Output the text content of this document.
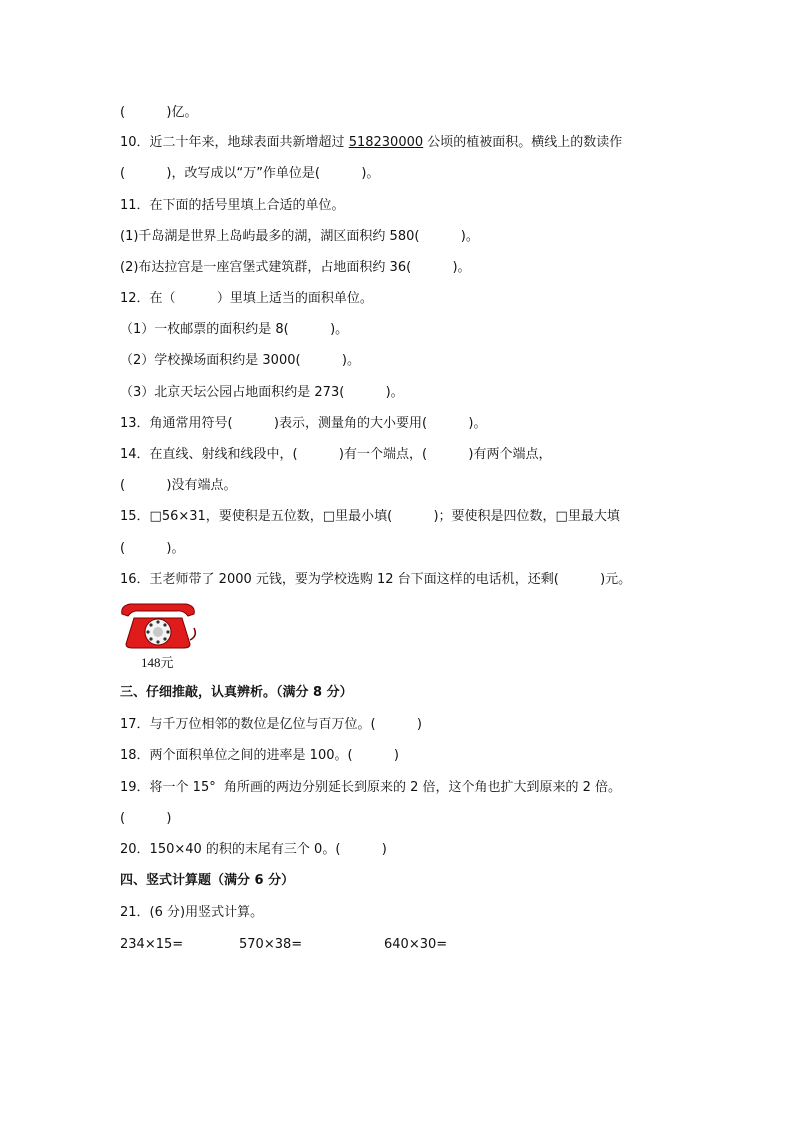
(          )亿。
10．近二十年来，地球表面共新增超过 518230000 公顷的植被面积。横线上的数读作
(          )，改写成以“万”作单位是(          )。
11．在下面的括号里填上合适的单位。
(1)千岛湖是世界上岛屿最多的湖，湖区面积约 580(          )。
(2)布达拉宫是一座宫堡式建筑群，占地面积约 36(          )。
12．在（          ）里填上适当的面积单位。
（1）一枚邮票的面积约是 8(          )。
（2）学校操场面积约是 3000(          )。
（3）北京天坛公园占地面积约是 273(          )。
13．角通常用符号(          )表示，测量角的大小要用(          )。
14．在直线、射线和线段中，(          )有一个端点，(          )有两个端点，
(          )没有端点。
15．□56×31，要使积是五位数，□里最小填(          )；要使积是四位数，□里最大填
(          )。
16．王老师带了 2000 元钱，要为学校选购 12 台下面这样的电话机，还剩(          )元。
148元
三、仔细推敲，认真辨析。（满分 8 分）
17．与千万位相邻的数位是亿位与百万位。(          )
18．两个面积单位之间的进率是 100。(          )
19．将一个 15°  角所画的两边分别延长到原来的 2 倍，这个角也扩大到原来的 2 倍。
(          )
20．150×40 的积的末尾有三个 0。(          )
四、竖式计算题（满分 6 分）
21．(6 分)用竖式计算。
234×15=	570×38=	640×30=
